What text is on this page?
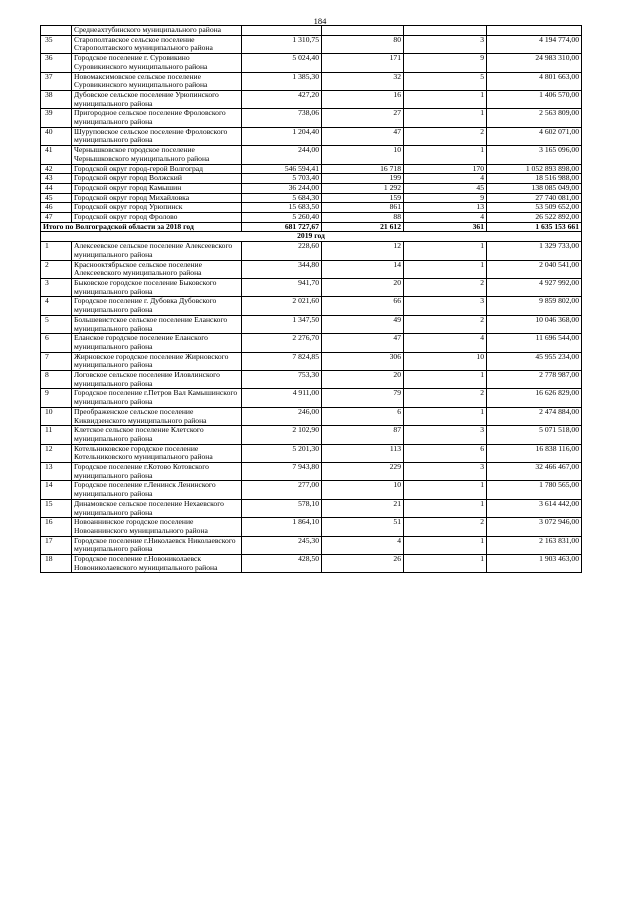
184
	Среднеахтубинского муниципального района				
35	Старополтавское сельское поселение Старополтавского муниципального района	1 310,75	80	3	4 194 774,00
36	Городское поселение г. Суровикино Суровикинского муниципального района	5 024,40	171	9	24 983 310,00
37	Новомаксимовское сельское поселение Суровикинского муниципального района	1 385,30	32	5	4 801 663,00
38	Дубовское сельское поселение Урюпинского муниципального района	427,20	16	1	1 406 570,00
39	Пригородное сельское поселение Фроловского муниципального района	738,06	27	1	2 563 809,00
40	Шуруповское сельское поселение Фроловского муниципального района	1 204,40	47	2	4 602 071,00
41	Чернышковское городское поселение Чернышковского муниципального района	244,00	10	1	3 165 096,00
42	Городской округ город-герой Волгоград	546 594,41	16 718	170	1 052 893 898,00
43	Городской округ город Волжский	5 703,40	199	4	18 516 988,00
44	Городской округ город Камышин	36 244,00	1 292	45	138 085 049,00
45	Городской округ город Михайловка	5 684,30	159	9	27 740 081,00
46	Городской округ город Урюпинск	15 683,50	861	13	53 509 652,00
47	Городской округ город Фролово	5 260,40	88	4	26 522 892,00
Итого по Волгоградской области за 2018 год		681 727,67	21 612	361	1 635 153 661
2019 год					
1	Алексеевское сельское поселение Алексеевского муниципального района	228,60	12	1	1 329 733,00
2	Краснооктябрьское сельское поселение Алексеевского муниципального района	344,80	14	1	2 040 541,00
3	Быковское городское поселение Быковского муниципального района	941,70	20	2	4 927 992,00
4	Городское поселение г. Дубовка Дубовского муниципального района	2 021,60	66	3	9 859 802,00
5	Большевистское сельское поселение Еланского муниципального района	1 347,50	49	2	10 046 368,00
6	Еланское городское поселение Еланского муниципального района	2 276,70	47	4	11 696 544,00
7	Жирновское городское поселение Жирновского муниципального района	7 824,85	306	10	45 955 234,00
8	Логовское сельское поселение Иловлинского муниципального района	753,30	20	1	2 778 987,00
9	Городское поселение г.Петров Вал Камышинского муниципального района	4 911,00	79	2	16 626 829,00
10	Преображенское сельское поселение Киквидзенского муниципального района	246,00	6	1	2 474 884,00
11	Клетское сельское поселение Клетского муниципального района	2 102,90	87	3	5 071 518,00
12	Котельниковское городское поселение Котельниковского муниципального района	5 201,30	113	6	16 838 116,00
13	Городское поселение г.Котово Котовского муниципального района	7 943,80	229	3	32 466 467,00
14	Городское поселение г.Ленинск Ленинского муниципального района	277,00	10	1	1 780 565,00
15	Динамовское сельское поселение Нехаевского муниципального района	578,10	21	1	3 614 442,00
16	Новоаннинское городское поселение Новоаннинского муниципального района	1 864,10	51	2	3 072 946,00
17	Городское поселение г.Николаевск Николаевского муниципального района	245,30	4	1	2 163 831,00
18	Городское поселение г.Новониколаевск Новониколаевского муниципального района	428,50	26	1	1 903 463,00
